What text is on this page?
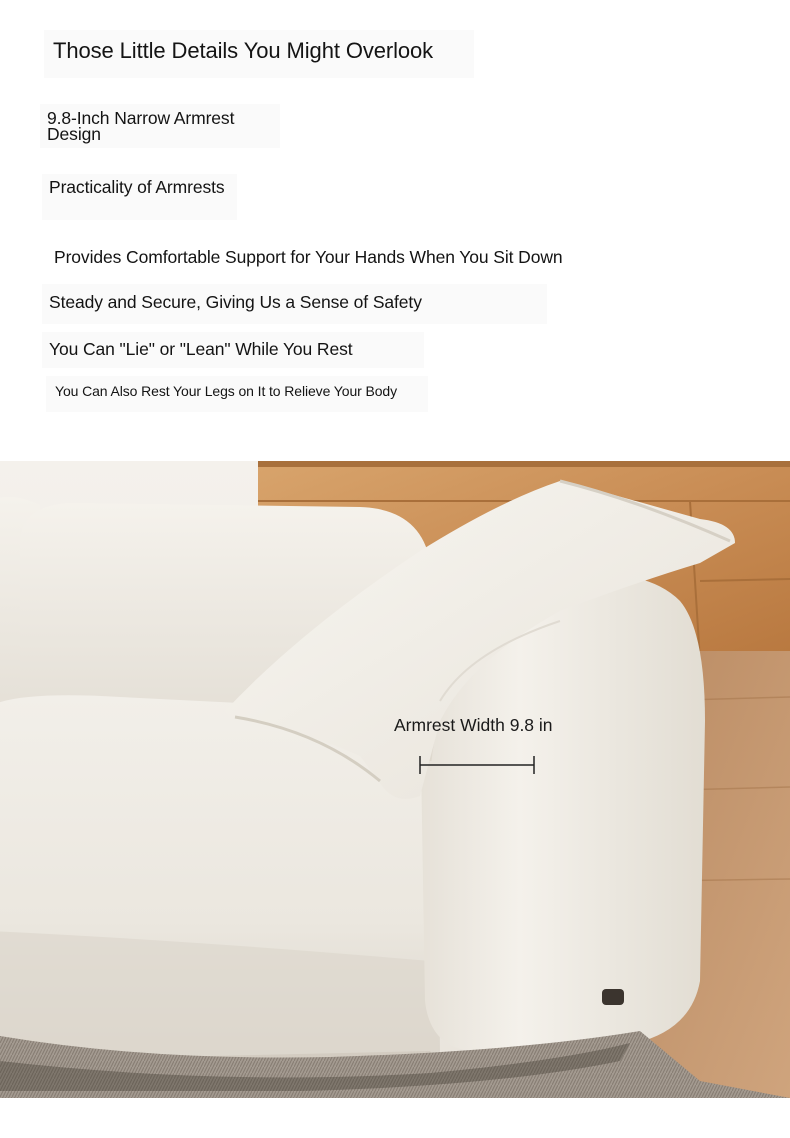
Those Little Details You Might Overlook

9.8-Inch Narrow Armrest Design

Practicality of Armrests

Provides Comfortable Support for Your Hands When You Sit Down

Steady and Secure, Giving Us a Sense of Safety

You Can "Lie" or "Lean" While You Rest

You Can Also Rest Your Legs on It to Relieve Your Body

Armrest Width 9.8 in
